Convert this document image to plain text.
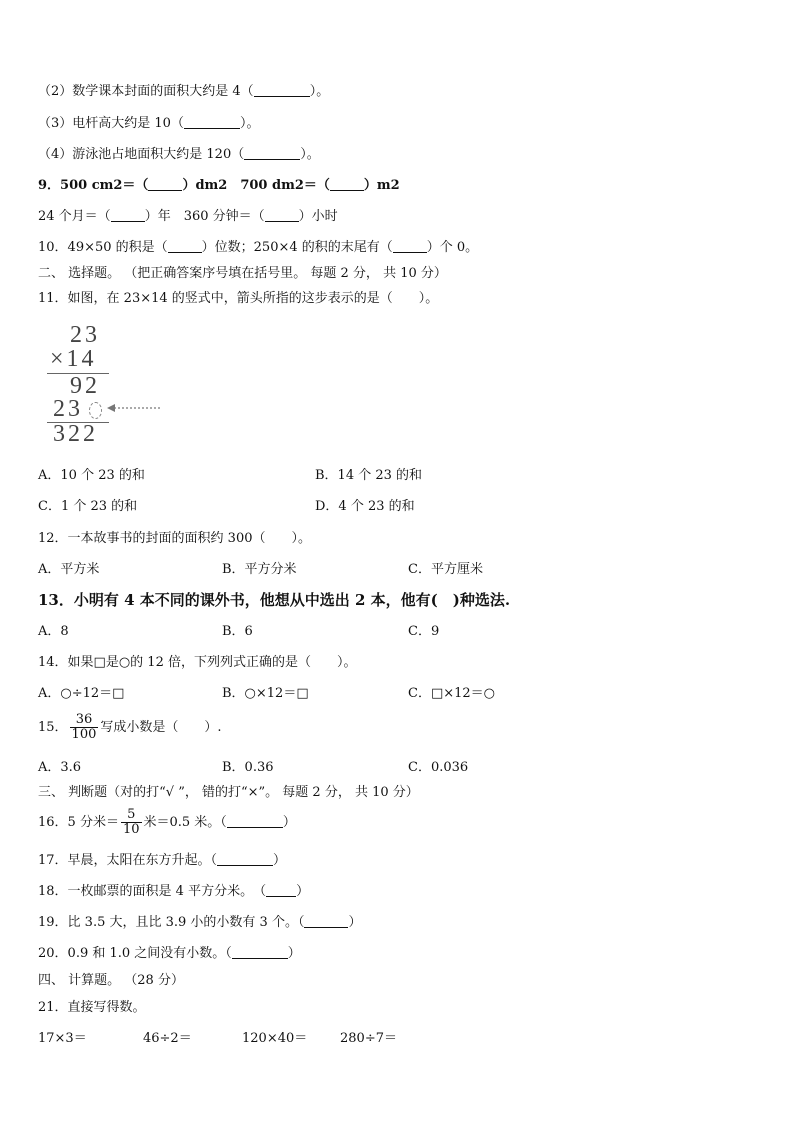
（2）数学课本封面的面积大约是 4（	）。
（3）电杆高大约是 10（	）。
（4）游泳池占地面积大约是 120（	）。
9．500 cm2＝（	）dm2　700 dm2＝（	）m2
24 个月＝（	）年　360 分钟＝（	）小时
10．49×50 的积是（	）位数；250×4 的积的末尾有（	）个 0。
二、 选择题。 （把正确答案序号填在括号里。 每题 2 分， 共 10 分）
11．如图，在 23×14 的竖式中，箭头所指的这步表示的是（　　）。
23
×14
92
23
322
A．10 个 23 的和	B．14 个 23 的和
C．1 个 23 的和	D．4 个 23 的和
12．一本故事书的封面的面积约 300（　　）。
A．平方米	B．平方分米	C．平方厘米
13．小明有 4 本不同的课外书，他想从中选出 2 本，他有(　)种选法.
A．8	B．6	C．9
14．如果□是○的 12 倍，下列列式正确的是（　　）。
A．○÷12＝□	B．○×12＝□	C．□×12＝○
15． $\frac{36}{100}$ 写成小数是（　　）.
A．3.6	B．0.36	C．0.036
三、 判断题（对的打“√ ”， 错的打“×”。 每题 2 分， 共 10 分）
16．5 分米＝ $\frac{5}{10}$ 米＝0.5 米。（	）
17．早晨，太阳在东方升起。（	）
18．一枚邮票的面积是 4 平方分米。　（ ）
19．比 3.5 大，且比 3.9 小的小数有 3 个。（	）
20．0.9 和 1.0 之间没有小数。（	）
四、 计算题。 （28 分）
21．直接写得数。
17×3＝	46÷2＝	120×40＝	280÷7＝
